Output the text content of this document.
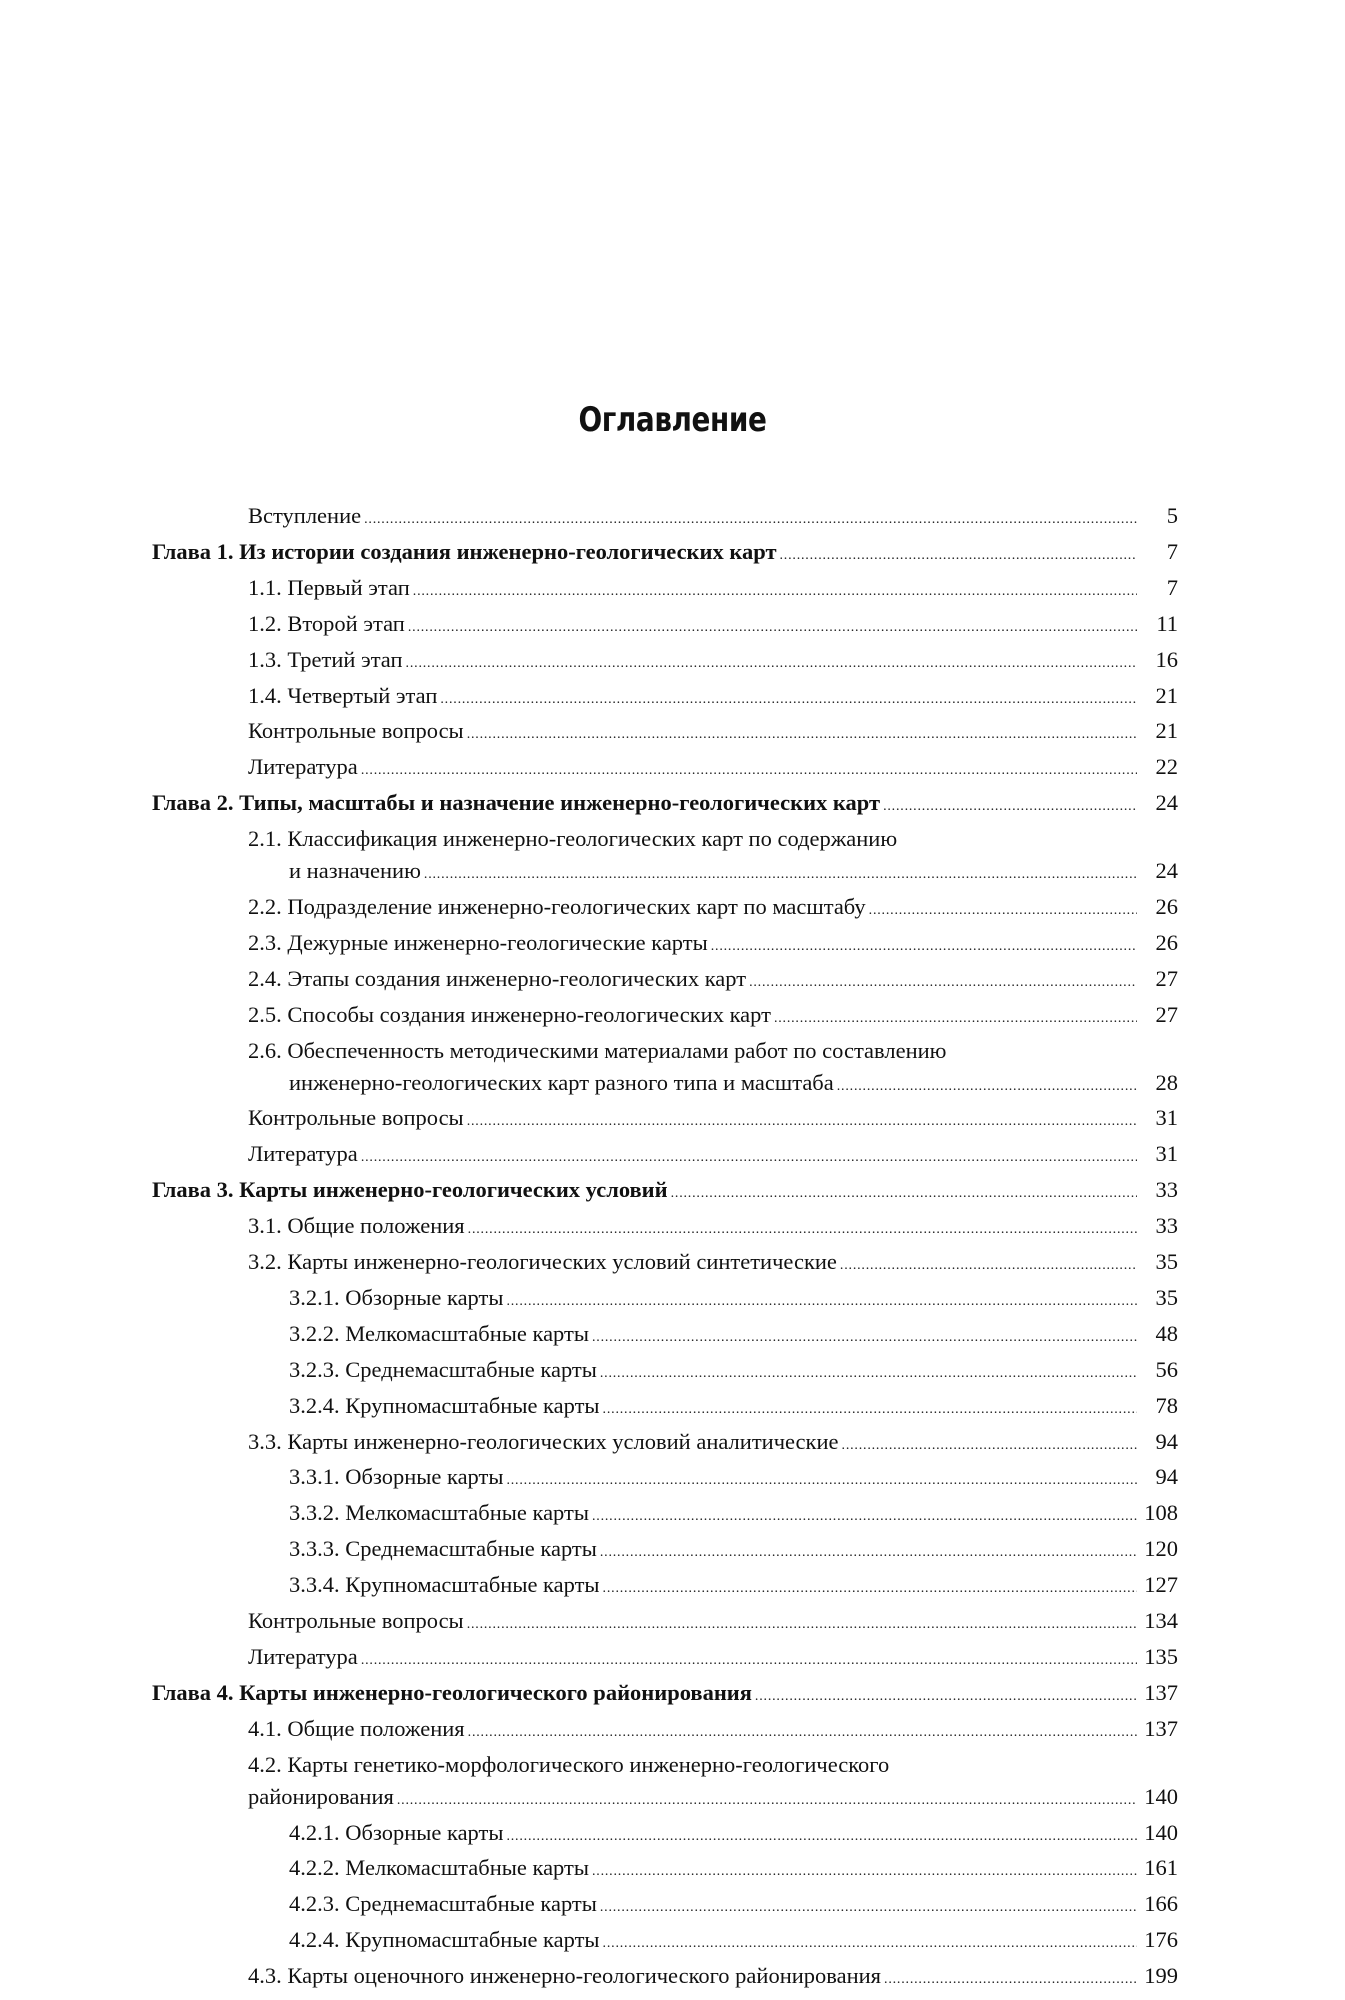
Оглавление
Вступление .....	5
Глава 1. Из истории создания инженерно-геологических карт .....	7
1.1. Первый этап .....	7
1.2. Второй этап .....	11
1.3. Третий этап .....	16
1.4. Четвертый этап .....	21
Контрольные вопросы .....	21
Литература .....	22
Глава 2. Типы, масштабы и назначение инженерно-геологических карт .....	24
2.1. Классификация инженерно-геологических карт по содержанию
и назначению .....	24
2.2. Подразделение инженерно-геологических карт по масштабу .....	26
2.3. Дежурные инженерно-геологические карты .....	26
2.4. Этапы создания инженерно-геологических карт .....	27
2.5. Способы создания инженерно-геологических карт .....	27
2.6. Обеспеченность методическими материалами работ по составлению
инженерно-геологических карт разного типа и масштаба .....	28
Контрольные вопросы .....	31
Литература .....	31
Глава 3. Карты инженерно-геологических условий .....	33
3.1. Общие положения .....	33
3.2. Карты инженерно-геологических условий синтетические .....	35
3.2.1. Обзорные карты .....	35
3.2.2. Мелкомасштабные карты .....	48
3.2.3. Среднемасштабные карты .....	56
3.2.4. Крупномасштабные карты .....	78
3.3. Карты инженерно-геологических условий аналитические .....	94
3.3.1. Обзорные карты .....	94
3.3.2. Мелкомасштабные карты .....	108
3.3.3. Среднемасштабные карты .....	120
3.3.4. Крупномасштабные карты .....	127
Контрольные вопросы .....	134
Литература .....	135
Глава 4. Карты инженерно-геологического районирования .....	137
4.1. Общие положения .....	137
4.2. Карты генетико-морфологического инженерно-геологического
районирования .....	140
4.2.1. Обзорные карты .....	140
4.2.2. Мелкомасштабные карты .....	161
4.2.3. Среднемасштабные карты .....	166
4.2.4. Крупномасштабные карты .....	176
4.3. Карты оценочного инженерно-геологического районирования .....	199
